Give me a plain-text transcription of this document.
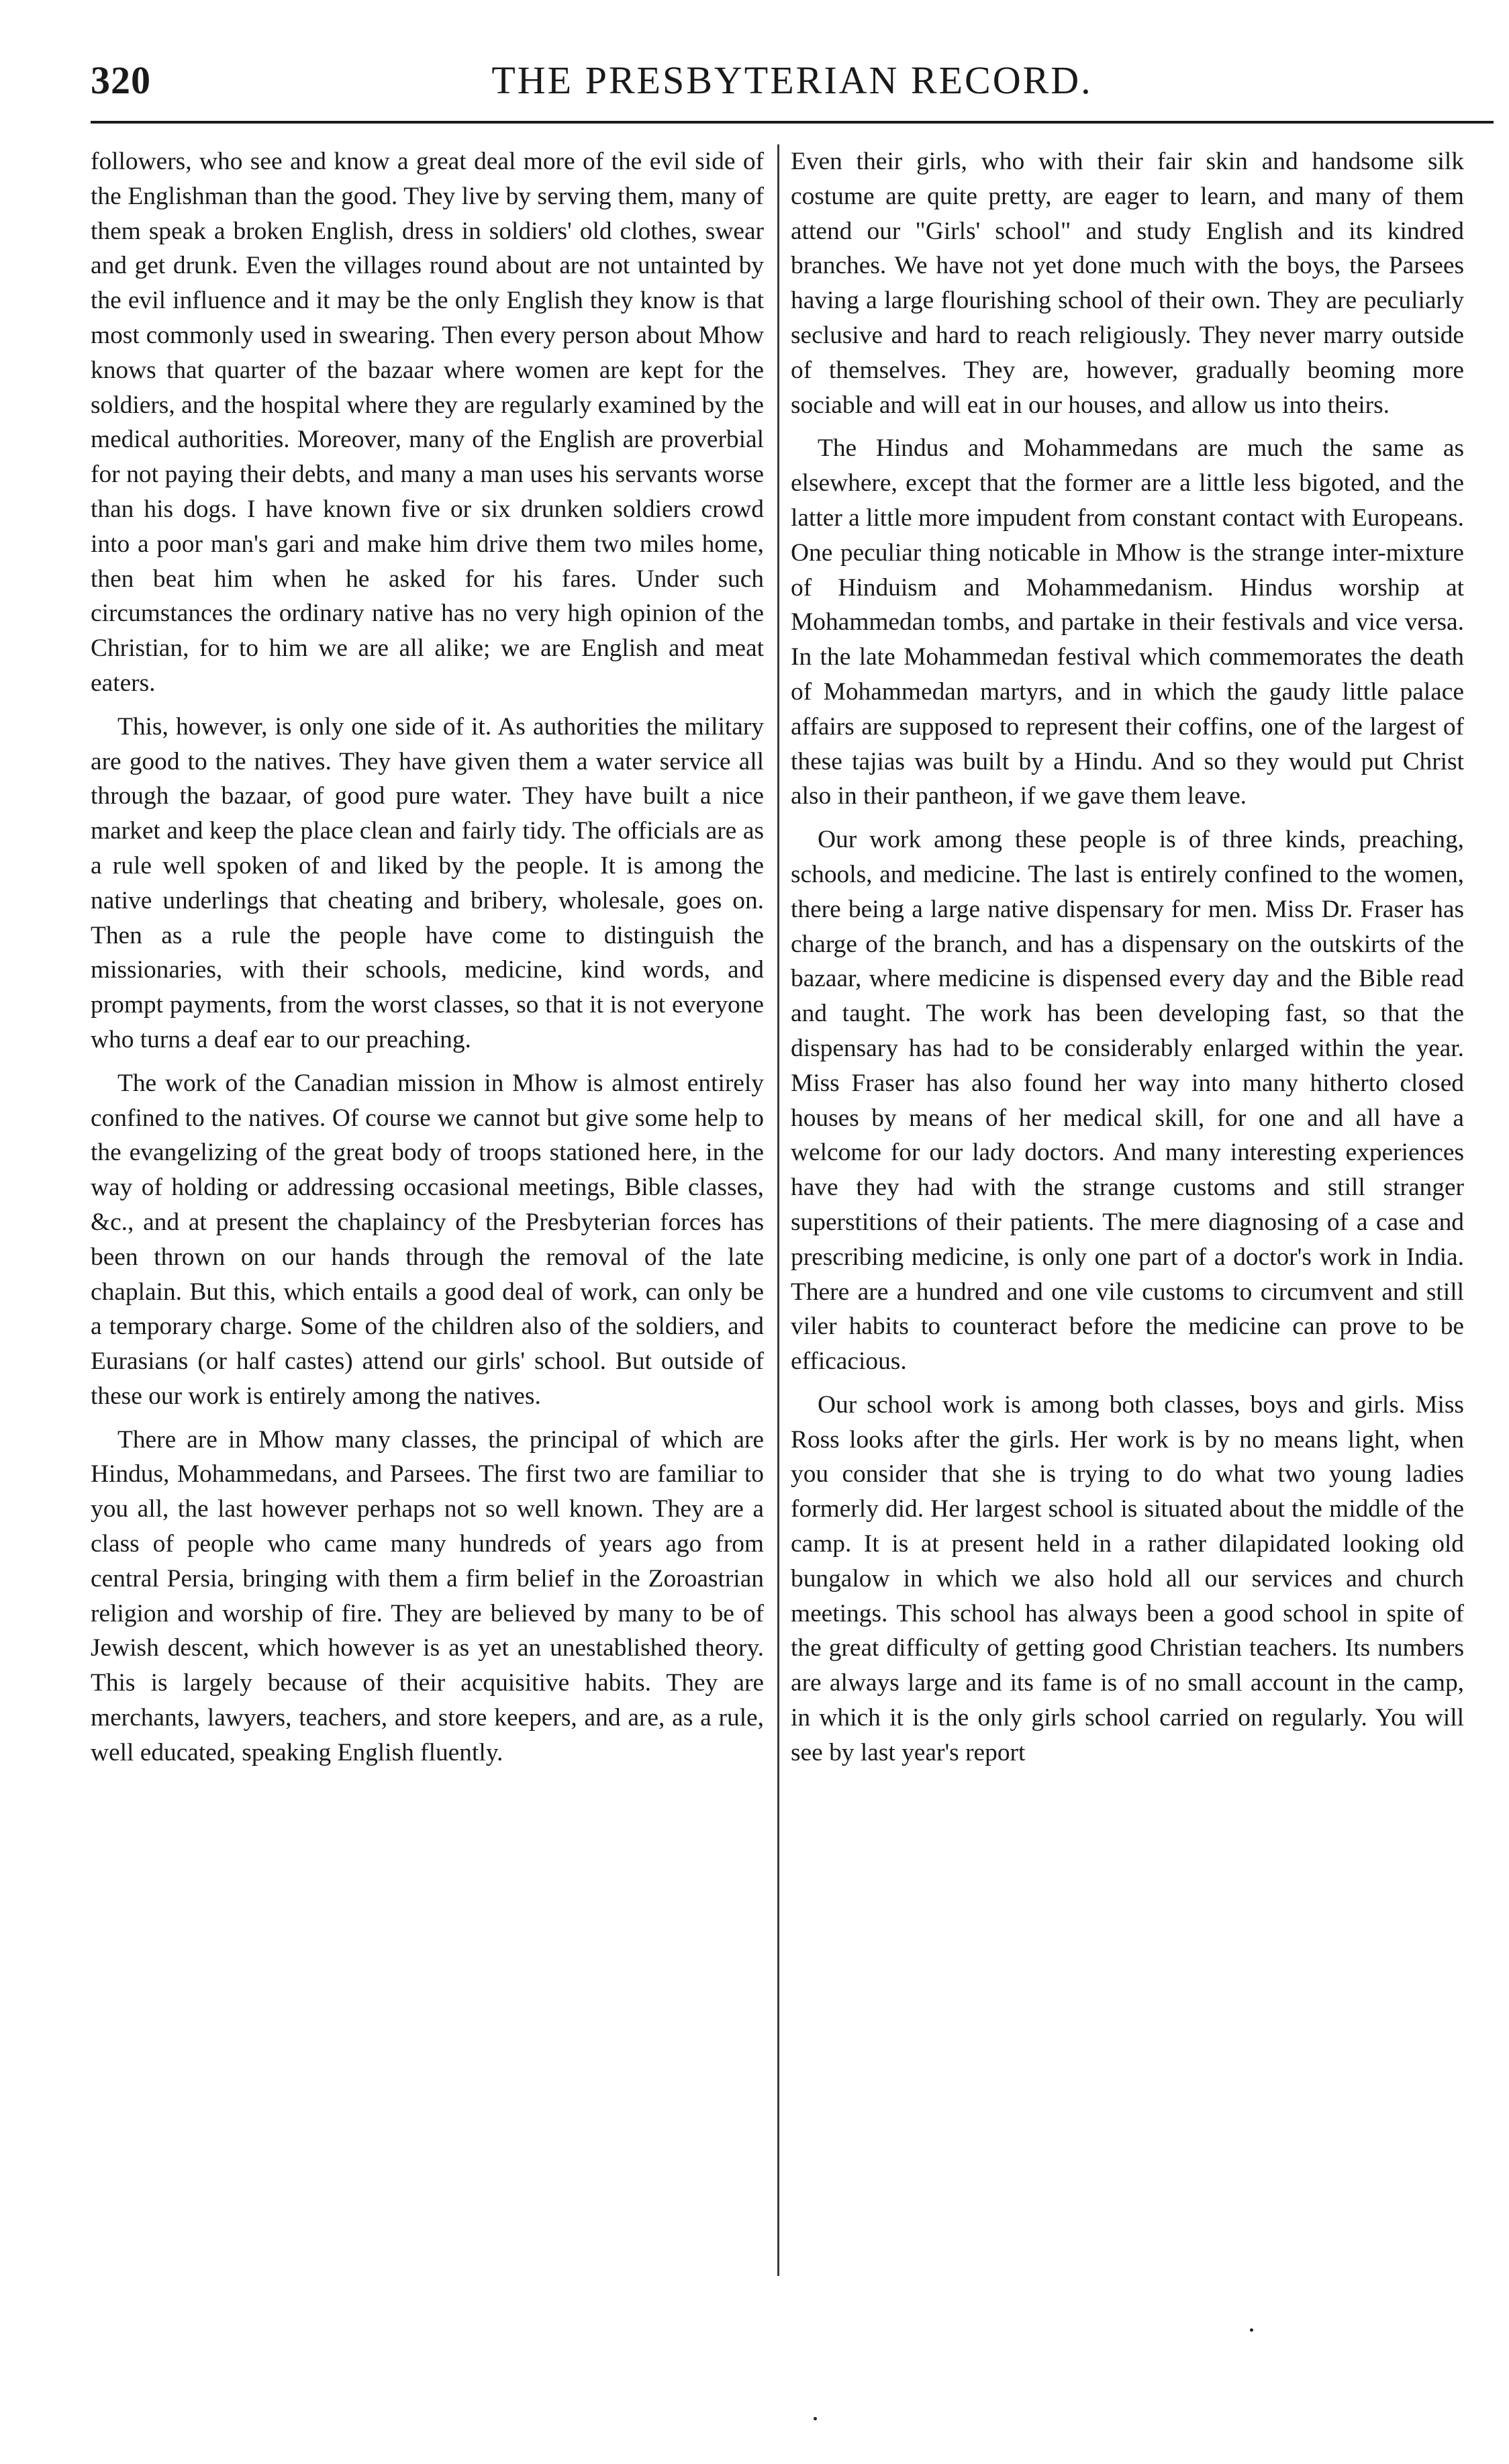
320	THE PRESBYTERIAN RECORD.

followers, who see and know a great deal more of the evil side of the Englishman than the good. They live by serving them, many of them speak a broken English, dress in soldiers' old clothes, swear and get drunk. Even the villages round about are not untainted by the evil influence and it may be the only English they know is that most commonly used in swearing. Then every person about Mhow knows that quarter of the bazaar where women are kept for the soldiers, and the hospital where they are regularly examined by the medical authorities. Moreover, many of the English are proverbial for not paying their debts, and many a man uses his servants worse than his dogs. I have known five or six drunken soldiers crowd into a poor man's gari and make him drive them two miles home, then beat him when he asked for his fares. Under such circumstances the ordinary native has no very high opinion of the Christian, for to him we are all alike; we are English and meat eaters.

This, however, is only one side of it. As authorities the military are good to the natives. They have given them a water service all through the bazaar, of good pure water. They have built a nice market and keep the place clean and fairly tidy. The officials are as a rule well spoken of and liked by the people. It is among the native underlings that cheating and bribery, wholesale, goes on. Then as a rule the people have come to distinguish the missionaries, with their schools, medicine, kind words, and prompt payments, from the worst classes, so that it is not everyone who turns a deaf ear to our preaching.

The work of the Canadian mission in Mhow is almost entirely confined to the natives. Of course we cannot but give some help to the evangelizing of the great body of troops stationed here, in the way of holding or addressing occasional meetings, Bible classes, &c., and at present the chaplaincy of the Presbyterian forces has been thrown on our hands through the removal of the late chaplain. But this, which entails a good deal of work, can only be a temporary charge. Some of the children also of the soldiers, and Eurasians (or half castes) attend our girls' school. But outside of these our work is entirely among the natives.

There are in Mhow many classes, the principal of which are Hindus, Mohammedans, and Parsees. The first two are familiar to you all, the last however perhaps not so well known. They are a class of people who came many hundreds of years ago from central Persia, bringing with them a firm belief in the Zoroastrian religion and worship of fire. They are believed by many to be of Jewish descent, which however is as yet an unestablished theory. This is largely because of their acquisitive habits. They are merchants, lawyers, teachers, and store keepers, and are, as a rule, well educated, speaking English fluently.

Even their girls, who with their fair skin and handsome silk costume are quite pretty, are eager to learn, and many of them attend our "Girls' school" and study English and its kindred branches. We have not yet done much with the boys, the Parsees having a large flourishing school of their own. They are peculiarly seclusive and hard to reach religiously. They never marry outside of themselves. They are, however, gradually beoming more sociable and will eat in our houses, and allow us into theirs.

The Hindus and Mohammedans are much the same as elsewhere, except that the former are a little less bigoted, and the latter a little more impudent from constant contact with Europeans. One peculiar thing noticable in Mhow is the strange inter-mixture of Hinduism and Mohammedanism. Hindus worship at Mohammedan tombs, and partake in their festivals and vice versa. In the late Mohammedan festival which commemorates the death of Mohammedan martyrs, and in which the gaudy little palace affairs are supposed to represent their coffins, one of the largest of these tajias was built by a Hindu. And so they would put Christ also in their pantheon, if we gave them leave.

Our work among these people is of three kinds, preaching, schools, and medicine. The last is entirely confined to the women, there being a large native dispensary for men. Miss Dr. Fraser has charge of the branch, and has a dispensary on the outskirts of the bazaar, where medicine is dispensed every day and the Bible read and taught. The work has been developing fast, so that the dispensary has had to be considerably enlarged within the year. Miss Fraser has also found her way into many hitherto closed houses by means of her medical skill, for one and all have a welcome for our lady doctors. And many interesting experiences have they had with the strange customs and still stranger superstitions of their patients. The mere diagnosing of a case and prescribing medicine, is only one part of a doctor's work in India. There are a hundred and one vile customs to circumvent and still viler habits to counteract before the medicine can prove to be efficacious.

Our school work is among both classes, boys and girls. Miss Ross looks after the girls. Her work is by no means light, when you consider that she is trying to do what two young ladies formerly did. Her largest school is situated about the middle of the camp. It is at present held in a rather dilapidated looking old bungalow in which we also hold all our services and church meetings. This school has always been a good school in spite of the great difficulty of getting good Christian teachers. Its numbers are always large and its fame is of no small account in the camp, in which it is the only girls school carried on regularly. You will see by last year's report
